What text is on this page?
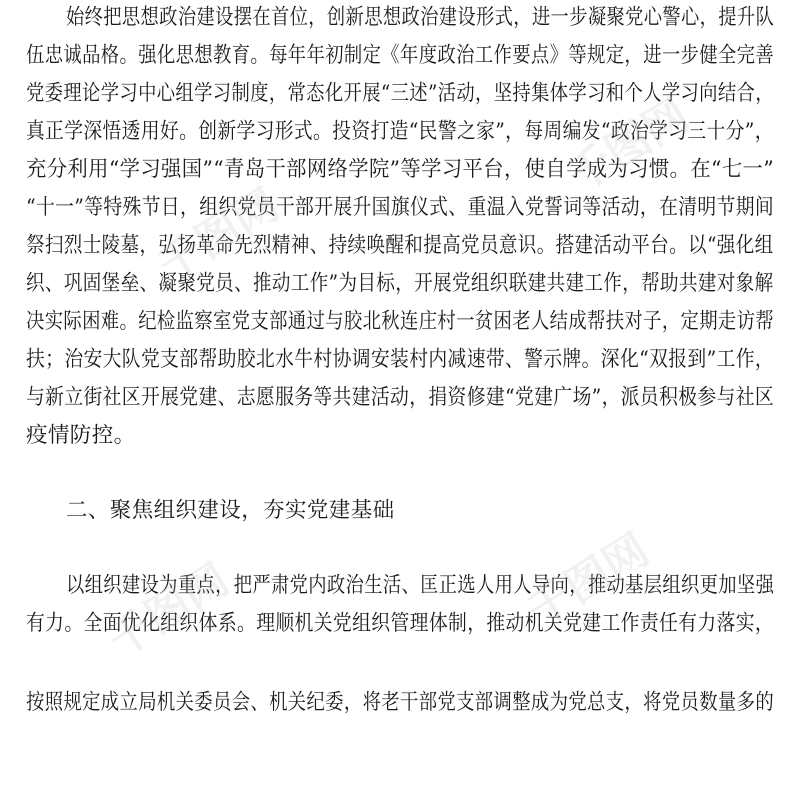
始终把思想政治建设摆在首位，创新思想政治建设形式，进一步凝聚党心警心，提升队
伍忠诚品格。强化思想教育。每年年初制定《年度政治工作要点》等规定，进一步健全完善
党委理论学习中心组学习制度，常态化开展“三述”活动，坚持集体学习和个人学习向结合，
真正学深悟透用好。创新学习形式。投资打造“民警之家”，每周编发“政治学习三十分”，
充分利用“学习强国”“青岛干部网络学院”等学习平台，使自学成为习惯。在“七一”
“十一”等特殊节日，组织党员干部开展升国旗仪式、重温入党誓词等活动，在清明节期间
祭扫烈士陵墓，弘扬革命先烈精神、持续唤醒和提高党员意识。搭建活动平台。以“强化组
织、巩固堡垒、凝聚党员、推动工作”为目标，开展党组织联建共建工作，帮助共建对象解
决实际困难。纪检监察室党支部通过与胶北秋连庄村一贫困老人结成帮扶对子，定期走访帮
扶；治安大队党支部帮助胶北水牛村协调安装村内减速带、警示牌。深化“双报到”工作，
与新立街社区开展党建、志愿服务等共建活动，捐资修建“党建广场”，派员积极参与社区
疫情防控。
二、聚焦组织建设，夯实党建基础
以组织建设为重点，把严肃党内政治生活、匡正选人用人导向，推动基层组织更加坚强
有力。全面优化组织体系。理顺机关党组织管理体制，推动机关党建工作责任有力落实，
按照规定成立局机关委员会、机关纪委，将老干部党支部调整成为党总支，将党员数量多的
千图网
千图网
千图网	千图网
